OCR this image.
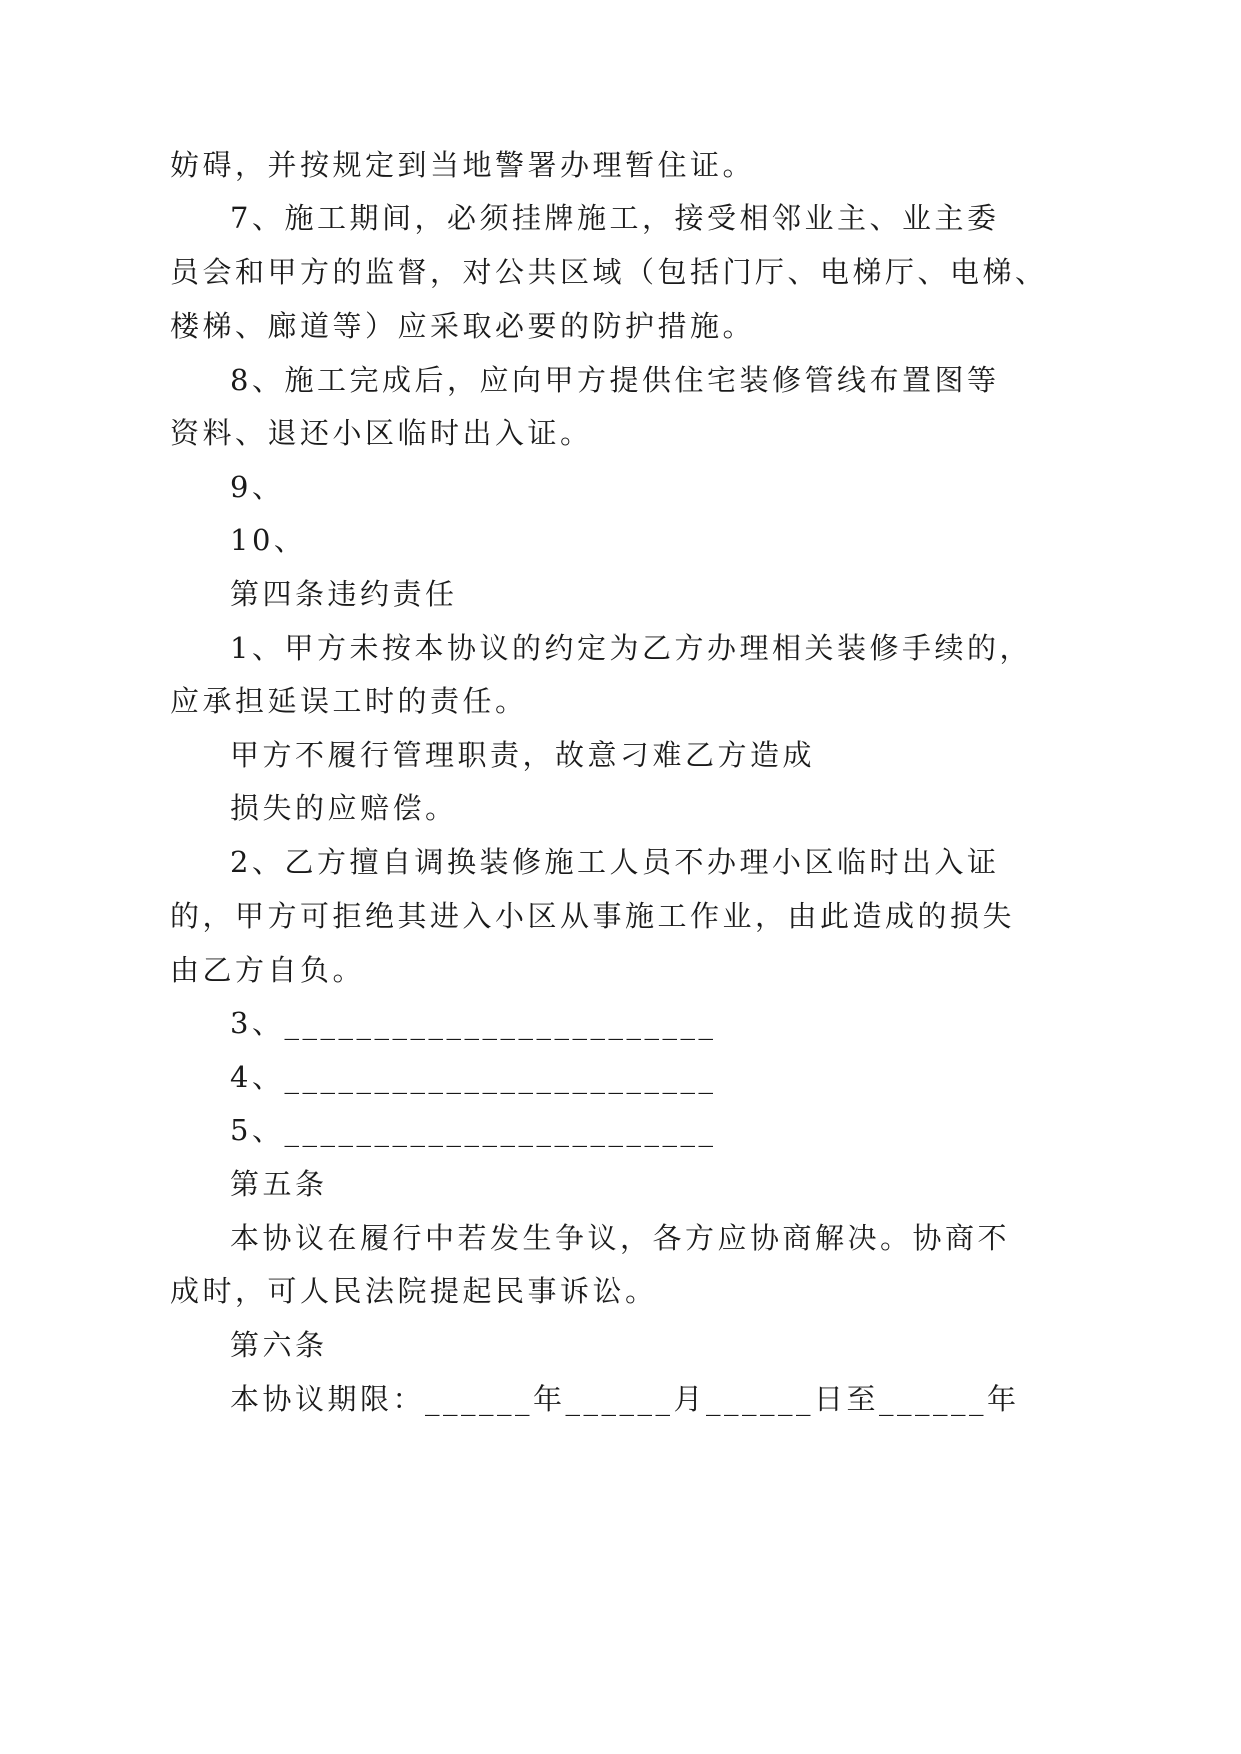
妨碍，并按规定到当地警署办理暂住证。
7、施工期间，必须挂牌施工，接受相邻业主、业主委
员会和甲方的监督，对公共区域（包括门厅、电梯厅、电梯、
楼梯、廊道等）应采取必要的防护措施。
8、施工完成后，应向甲方提供住宅装修管线布置图等
资料、退还小区临时出入证。
9、
10、
第四条违约责任
1、甲方未按本协议的约定为乙方办理相关装修手续的，
应承担延误工时的责任。
甲方不履行管理职责，故意刁难乙方造成
损失的应赔偿。
2、乙方擅自调换装修施工人员不办理小区临时出入证
的，甲方可拒绝其进入小区从事施工作业，由此造成的损失
由乙方自负。
3、________________________
4、________________________
5、________________________
第五条
本协议在履行中若发生争议，各方应协商解决。协商不
成时，可人民法院提起民事诉讼。
第六条
本协议期限：______年______月______日至______年
